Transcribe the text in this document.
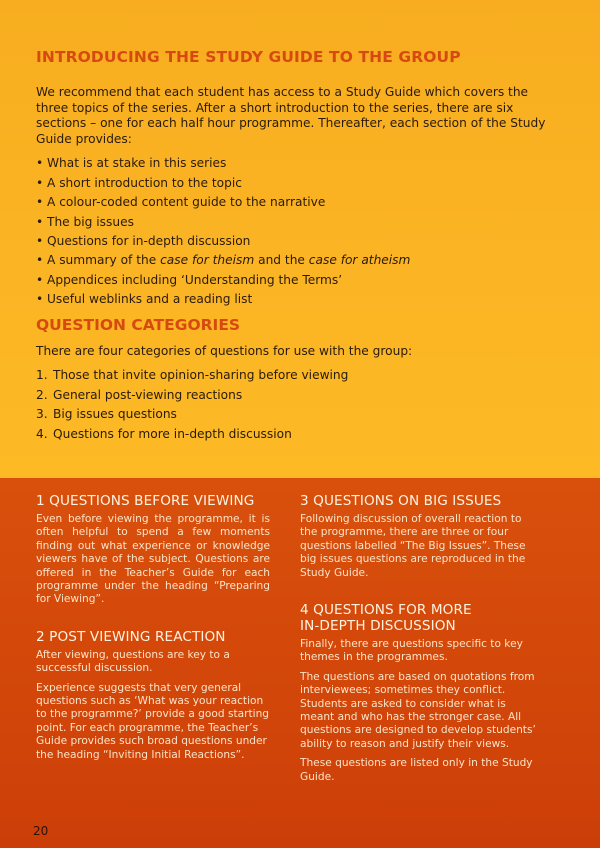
INTRODUCING THE STUDY GUIDE TO THE GROUP

We recommend that each student has access to a Study Guide which covers the three topics of the series. After a short introduction to the series, there are six sections – one for each half hour programme. Thereafter, each section of the Study Guide provides:

• What is at stake in this series
• A short introduction to the topic
• A colour-coded content guide to the narrative
• The big issues
• Questions for in-depth discussion
• A summary of the case for theism and the case for atheism
• Appendices including ‘Understanding the Terms’
• Useful weblinks and a reading list
QUESTION CATEGORIES

There are four categories of questions for use with the group:

1. Those that invite opinion-sharing before viewing
2. General post-viewing reactions
3. Big issues questions
4. Questions for more in-depth discussion
1 QUESTIONS BEFORE VIEWING

Even before viewing the programme, it is often helpful to spend a few moments finding out what experience or knowledge viewers have of the subject. Questions are offered in the Teacher’s Guide for each programme under the heading “Preparing for Viewing”.

2 POST VIEWING REACTION

After viewing, questions are key to a successful discussion.

Experience suggests that very general questions such as ‘What was your reaction to the programme?’ provide a good starting point. For each programme, the Teacher’s Guide provides such broad questions under the heading “Inviting Initial Reactions”.

3 QUESTIONS ON BIG ISSUES

Following discussion of overall reaction to the programme, there are three or four questions labelled “The Big Issues”. These big issues questions are reproduced in the Study Guide.

4 QUESTIONS FOR MORE
IN-DEPTH DISCUSSION

Finally, there are questions specific to key themes in the programmes.

The questions are based on quotations from interviewees; sometimes they conflict. Students are asked to consider what is meant and who has the stronger case. All questions are designed to develop students’ ability to reason and justify their views.

These questions are listed only in the Study Guide.

20
